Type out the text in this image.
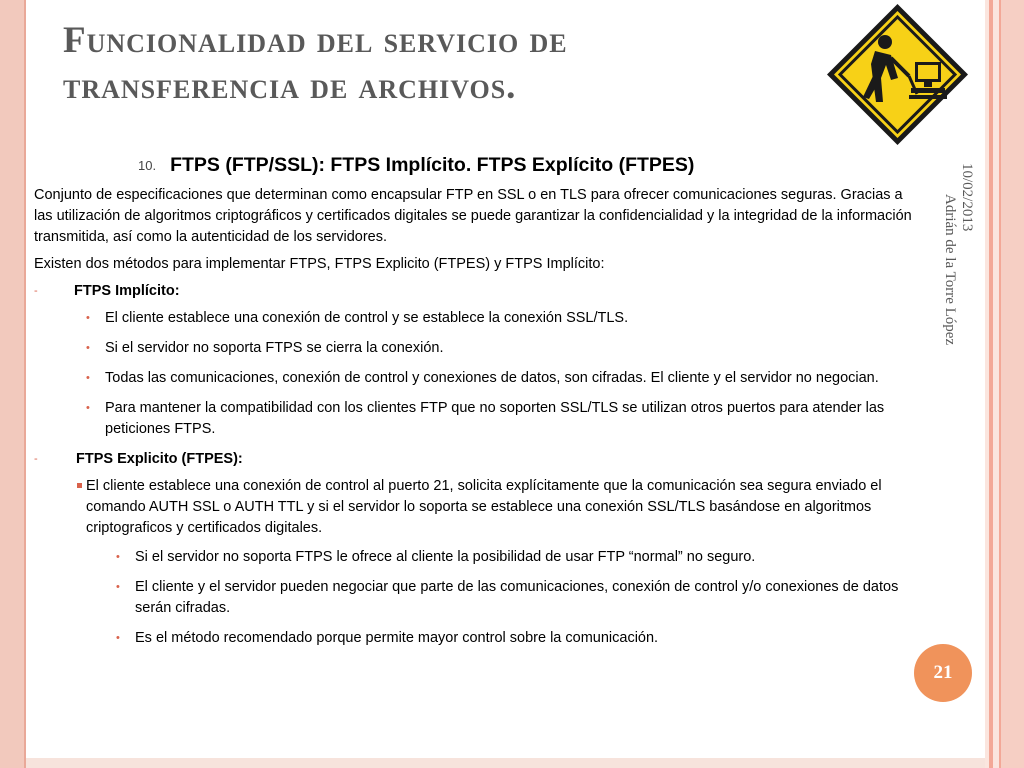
Funcionalidad del servicio de
transferencia de archivos.
10/02/2013
Adrián de la Torre López
21
10. FTPS (FTP/SSL): FTPS Implícito. FTPS Explícito (FTPES)

Conjunto de especificaciones que determinan como encapsular FTP en SSL o en TLS para ofrecer comunicaciones seguras. Gracias a las utilización de algoritmos criptográficos y certificados digitales se puede garantizar la confidencialidad y la integridad de la información transmitida, así como la autenticidad de los servidores.

Existen dos métodos para implementar FTPS, FTPS Explicito (FTPES) y FTPS Implícito:

-	FTPS Implícito:
• El cliente establece una conexión de control y se establece la conexión SSL/TLS.
• Si el servidor no soporta FTPS se cierra la conexión.
• Todas las comunicaciones, conexión de control y conexiones de datos, son cifradas. El cliente y el servidor no negocian.
• Para mantener la compatibilidad con los clientes FTP que no soporten SSL/TLS se utilizan otros puertos para atender las peticiones FTPS.
-	FTPS Explicito (FTPES):
El cliente establece una conexión de control al puerto 21, solicita explícitamente que la comunicación sea segura enviado el comando AUTH SSL o AUTH TTL y si el servidor lo soporta se establece una conexión SSL/TLS basándose en algoritmos criptograficos y certificados digitales.
• Si el servidor no soporta FTPS le ofrece al cliente la posibilidad de usar FTP “normal” no seguro.
• El cliente y el servidor pueden negociar que parte de las comunicaciones, conexión de control y/o conexiones de datos serán cifradas.
• Es el método recomendado porque permite mayor control sobre la comunicación.
